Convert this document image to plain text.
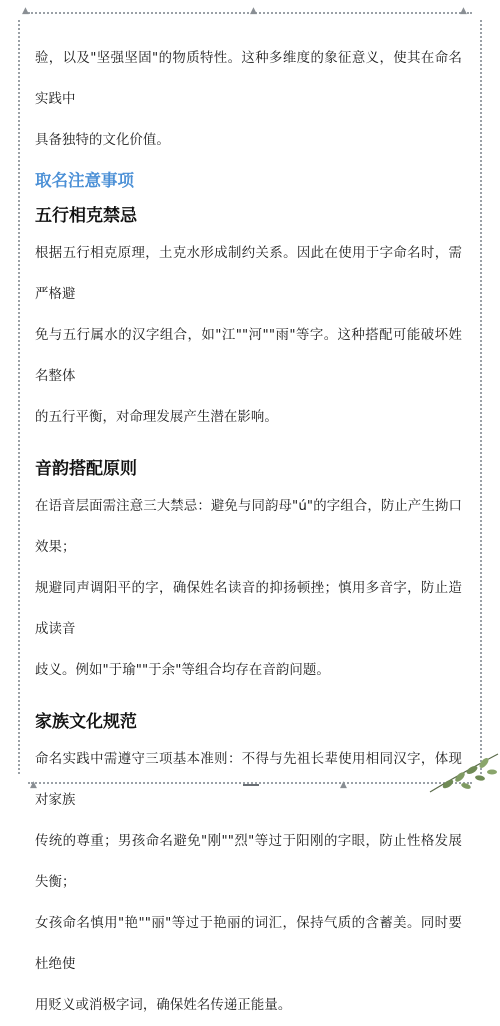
▲	▲
▲
▲
▲

验，以及"坚强坚固"的物质特性。这种多维度的象征意义，使其在命名实践中

具备独特的文化价值。

取名注意事项
五行相克禁忌

根据五行相克原理，土克水形成制约关系。因此在使用于字命名时，需严格避

免与五行属水的汉字组合，如"江""河""雨"等字。这种搭配可能破坏姓名整体

的五行平衡，对命理发展产生潜在影响。

音韵搭配原则

在语音层面需注意三大禁忌：避免与同韵母"ú"的字组合，防止产生拗口效果；

规避同声调阳平的字，确保姓名读音的抑扬顿挫；慎用多音字，防止造成读音

歧义。例如"于瑜""于余"等组合均存在音韵问题。

家族文化规范

命名实践中需遵守三项基本准则：不得与先祖长辈使用相同汉字，体现对家族

传统的尊重；男孩命名避免"刚""烈"等过于阳刚的字眼，防止性格发展失衡；

女孩命名慎用"艳""丽"等过于艳丽的词汇，保持气质的含蓄美。同时要杜绝使

用贬义或消极字词，确保姓名传递正能量。
